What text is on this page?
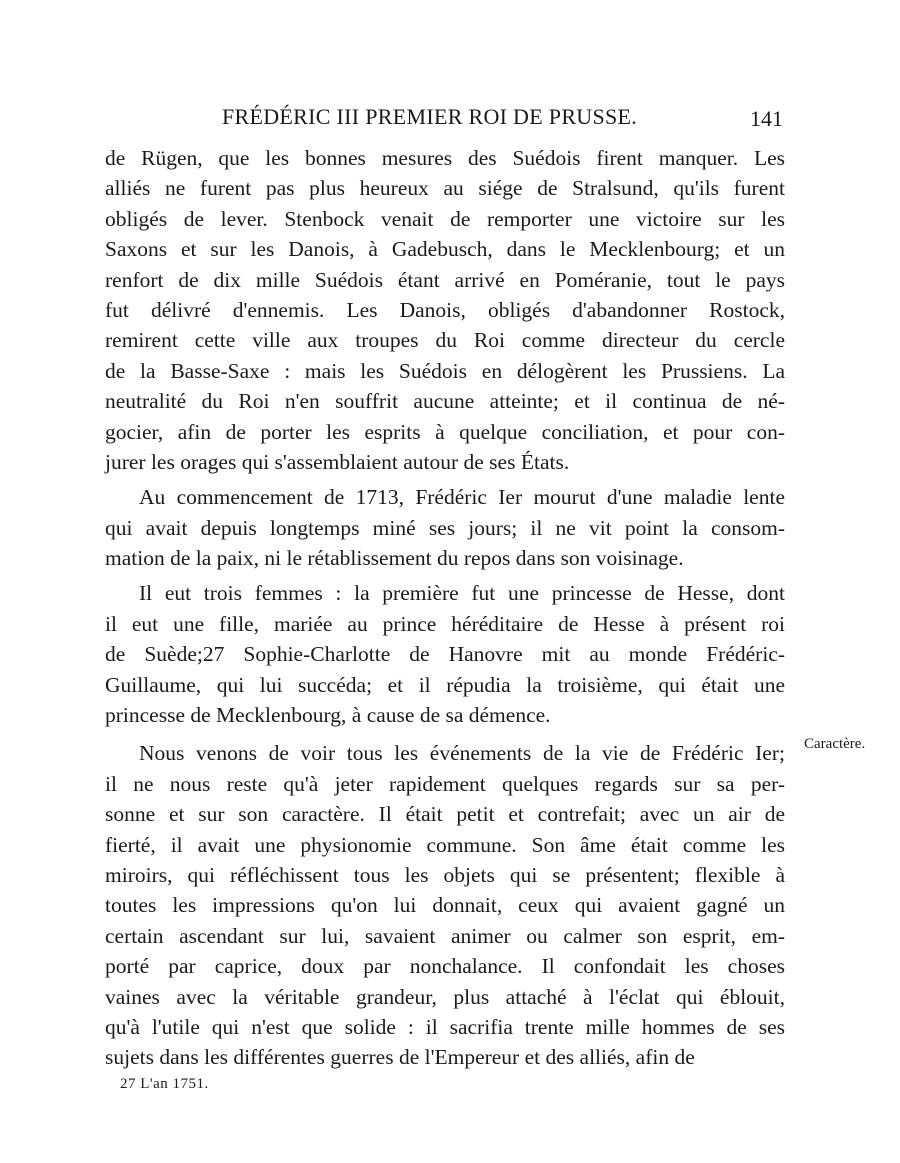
FRÉDÉRIC III PREMIER ROI DE PRUSSE.	141
de Rügen, que les bonnes mesures des Suédois firent manquer. Les
alliés ne furent pas plus heureux au siége de Stralsund, qu'ils furent
obligés de lever. Stenbock venait de remporter une victoire sur les
Saxons et sur les Danois, à Gadebusch, dans le Mecklenbourg; et un
renfort de dix mille Suédois étant arrivé en Poméranie, tout le pays
fut délivré d'ennemis. Les Danois, obligés d'abandonner Rostock,
remirent cette ville aux troupes du Roi comme directeur du cercle
de la Basse-Saxe : mais les Suédois en délogèrent les Prussiens. La
neutralité du Roi n'en souffrit aucune atteinte; et il continua de né-
gocier, afin de porter les esprits à quelque conciliation, et pour con-
jurer les orages qui s'assemblaient autour de ses États.
Au commencement de 1713, Frédéric Ier mourut d'une maladie lente
qui avait depuis longtemps miné ses jours; il ne vit point la consom-
mation de la paix, ni le rétablissement du repos dans son voisinage.
Il eut trois femmes : la première fut une princesse de Hesse, dont
il eut une fille, mariée au prince héréditaire de Hesse à présent roi
de Suède;27 Sophie-Charlotte de Hanovre mit au monde Frédéric-
Guillaume, qui lui succéda; et il répudia la troisième, qui était une
princesse de Mecklenbourg, à cause de sa démence.
Nous venons de voir tous les événements de la vie de Frédéric Ier;
il ne nous reste qu'à jeter rapidement quelques regards sur sa per-
sonne et sur son caractère. Il était petit et contrefait; avec un air de
fierté, il avait une physionomie commune. Son âme était comme les
miroirs, qui réfléchissent tous les objets qui se présentent; flexible à
toutes les impressions qu'on lui donnait, ceux qui avaient gagné un
certain ascendant sur lui, savaient animer ou calmer son esprit, em-
porté par caprice, doux par nonchalance. Il confondait les choses
vaines avec la véritable grandeur, plus attaché à l'éclat qui éblouit,
qu'à l'utile qui n'est que solide : il sacrifia trente mille hommes de ses
sujets dans les différentes guerres de l'Empereur et des alliés, afin de
Caractère.
27 L'an 1751.
